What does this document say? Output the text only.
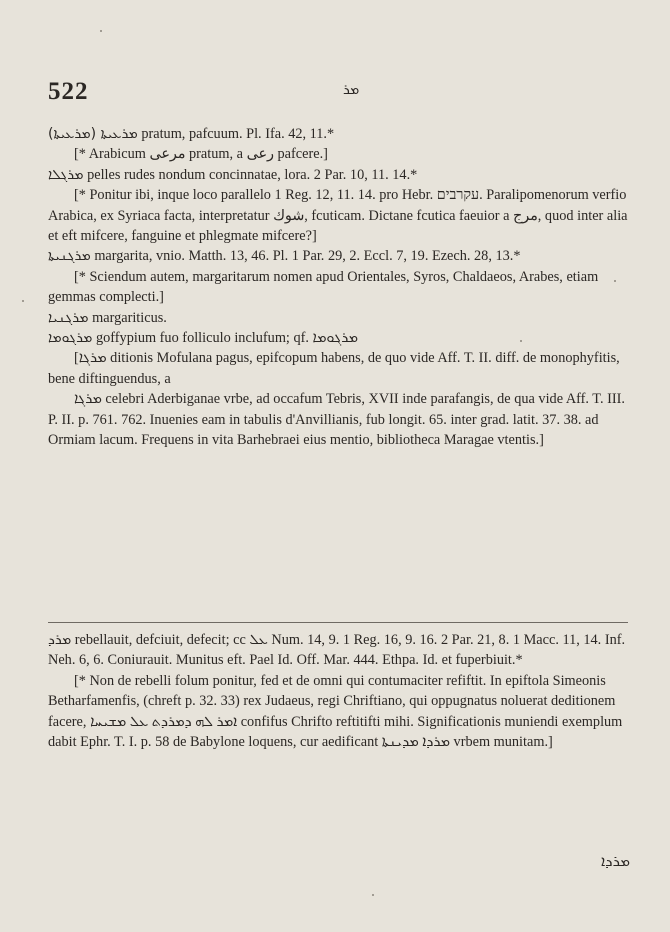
522	ܡܪ

(ܡܪܥܝܬܐ) ܡܪܥܝܬܐ pratum, pafcuum. Pl. Ifa. 42, 11.*

[* Arabicum مرعى pratum, a رعى pafcere.]

ܡܪܓܠܐ pelles rudes nondum concinnatae, lora. 2 Par. 10, 11. 14.*

[* Ponitur ibi, inque loco parallelo 1 Reg. 12, 11. 14. pro Hebr. עקרבים. Paralipomenorum verfio Arabica, ex Syriaca facta, interpretatur شوك, fcuticam. Dictane fcutica faeuior a مرج, quod inter alia et eft mifcere, fanguine et phlegmate mifcere?]

ܡܪܓܢܝܬܐ margarita, vnio. Matth. 13, 46. Pl. 1 Par. 29, 2. Eccl. 7, 19. Ezech. 28, 13.*

[* Sciendum autem, margaritarum nomen apud Orientales, Syros, Chaldaeos, Arabes, etiam gemmas complecti.]

ܡܪܓܢܝܐ margariticus.

ܡܪܓܘܡܐ goffypium fuo folliculo inclufum; qf. ܡܪܓܘܡܐ

[ܡܪܓܐ ditionis Mofulana pagus, epifcopum habens, de quo vide Aff. T. II. diff. de monophyfitis, bene diftinguendus, a

ܡܪܓܐ celebri Aderbiganae vrbe, ad occafum Tebris, XVII inde parafangis, de qua vide Aff. T. III. P. II. p. 761. 762. Inuenies eam in tabulis d'Anvillianis, fub longit. 65. inter grad. latit. 37. 38. ad Ormiam lacum. Frequens in vita Barhebraei eius mentio, bibliotheca Maragae vtentis.]

ܡܪܕ rebellauit, defciuit, defecit; cc ܥܠ Num. 14, 9. 1 Reg. 16, 9. 16. 2 Par. 21, 8. 1 Macc. 11, 14. Inf. Neh. 6, 6. Coniurauit. Munitus eft. Pael Id. Off. Mar. 444. Ethpa. Id. et fuperbiuit.*

[* Non de rebelli folum ponitur, fed et de omni qui contumaciter refiftit. In epiftola Simeonis Betharfamenfis, (chreft p. 32. 33) rex Judaeus, regi Chriftiano, qui oppugnatus noluerat deditionem facere, ܐܡܪ ܠܗ ܕܡܪܕܬ ܥܠ ܡܫܝܚܐ confifus Chrifto reftitifti mihi. Significationis muniendi exemplum dabit Ephr. T. I. p. 58 de Babylone loquens, cur aedificant ܡܪܕܐ ܡܕܝܢܬܐ vrbem munitam.]

ܡܪܕܐ
